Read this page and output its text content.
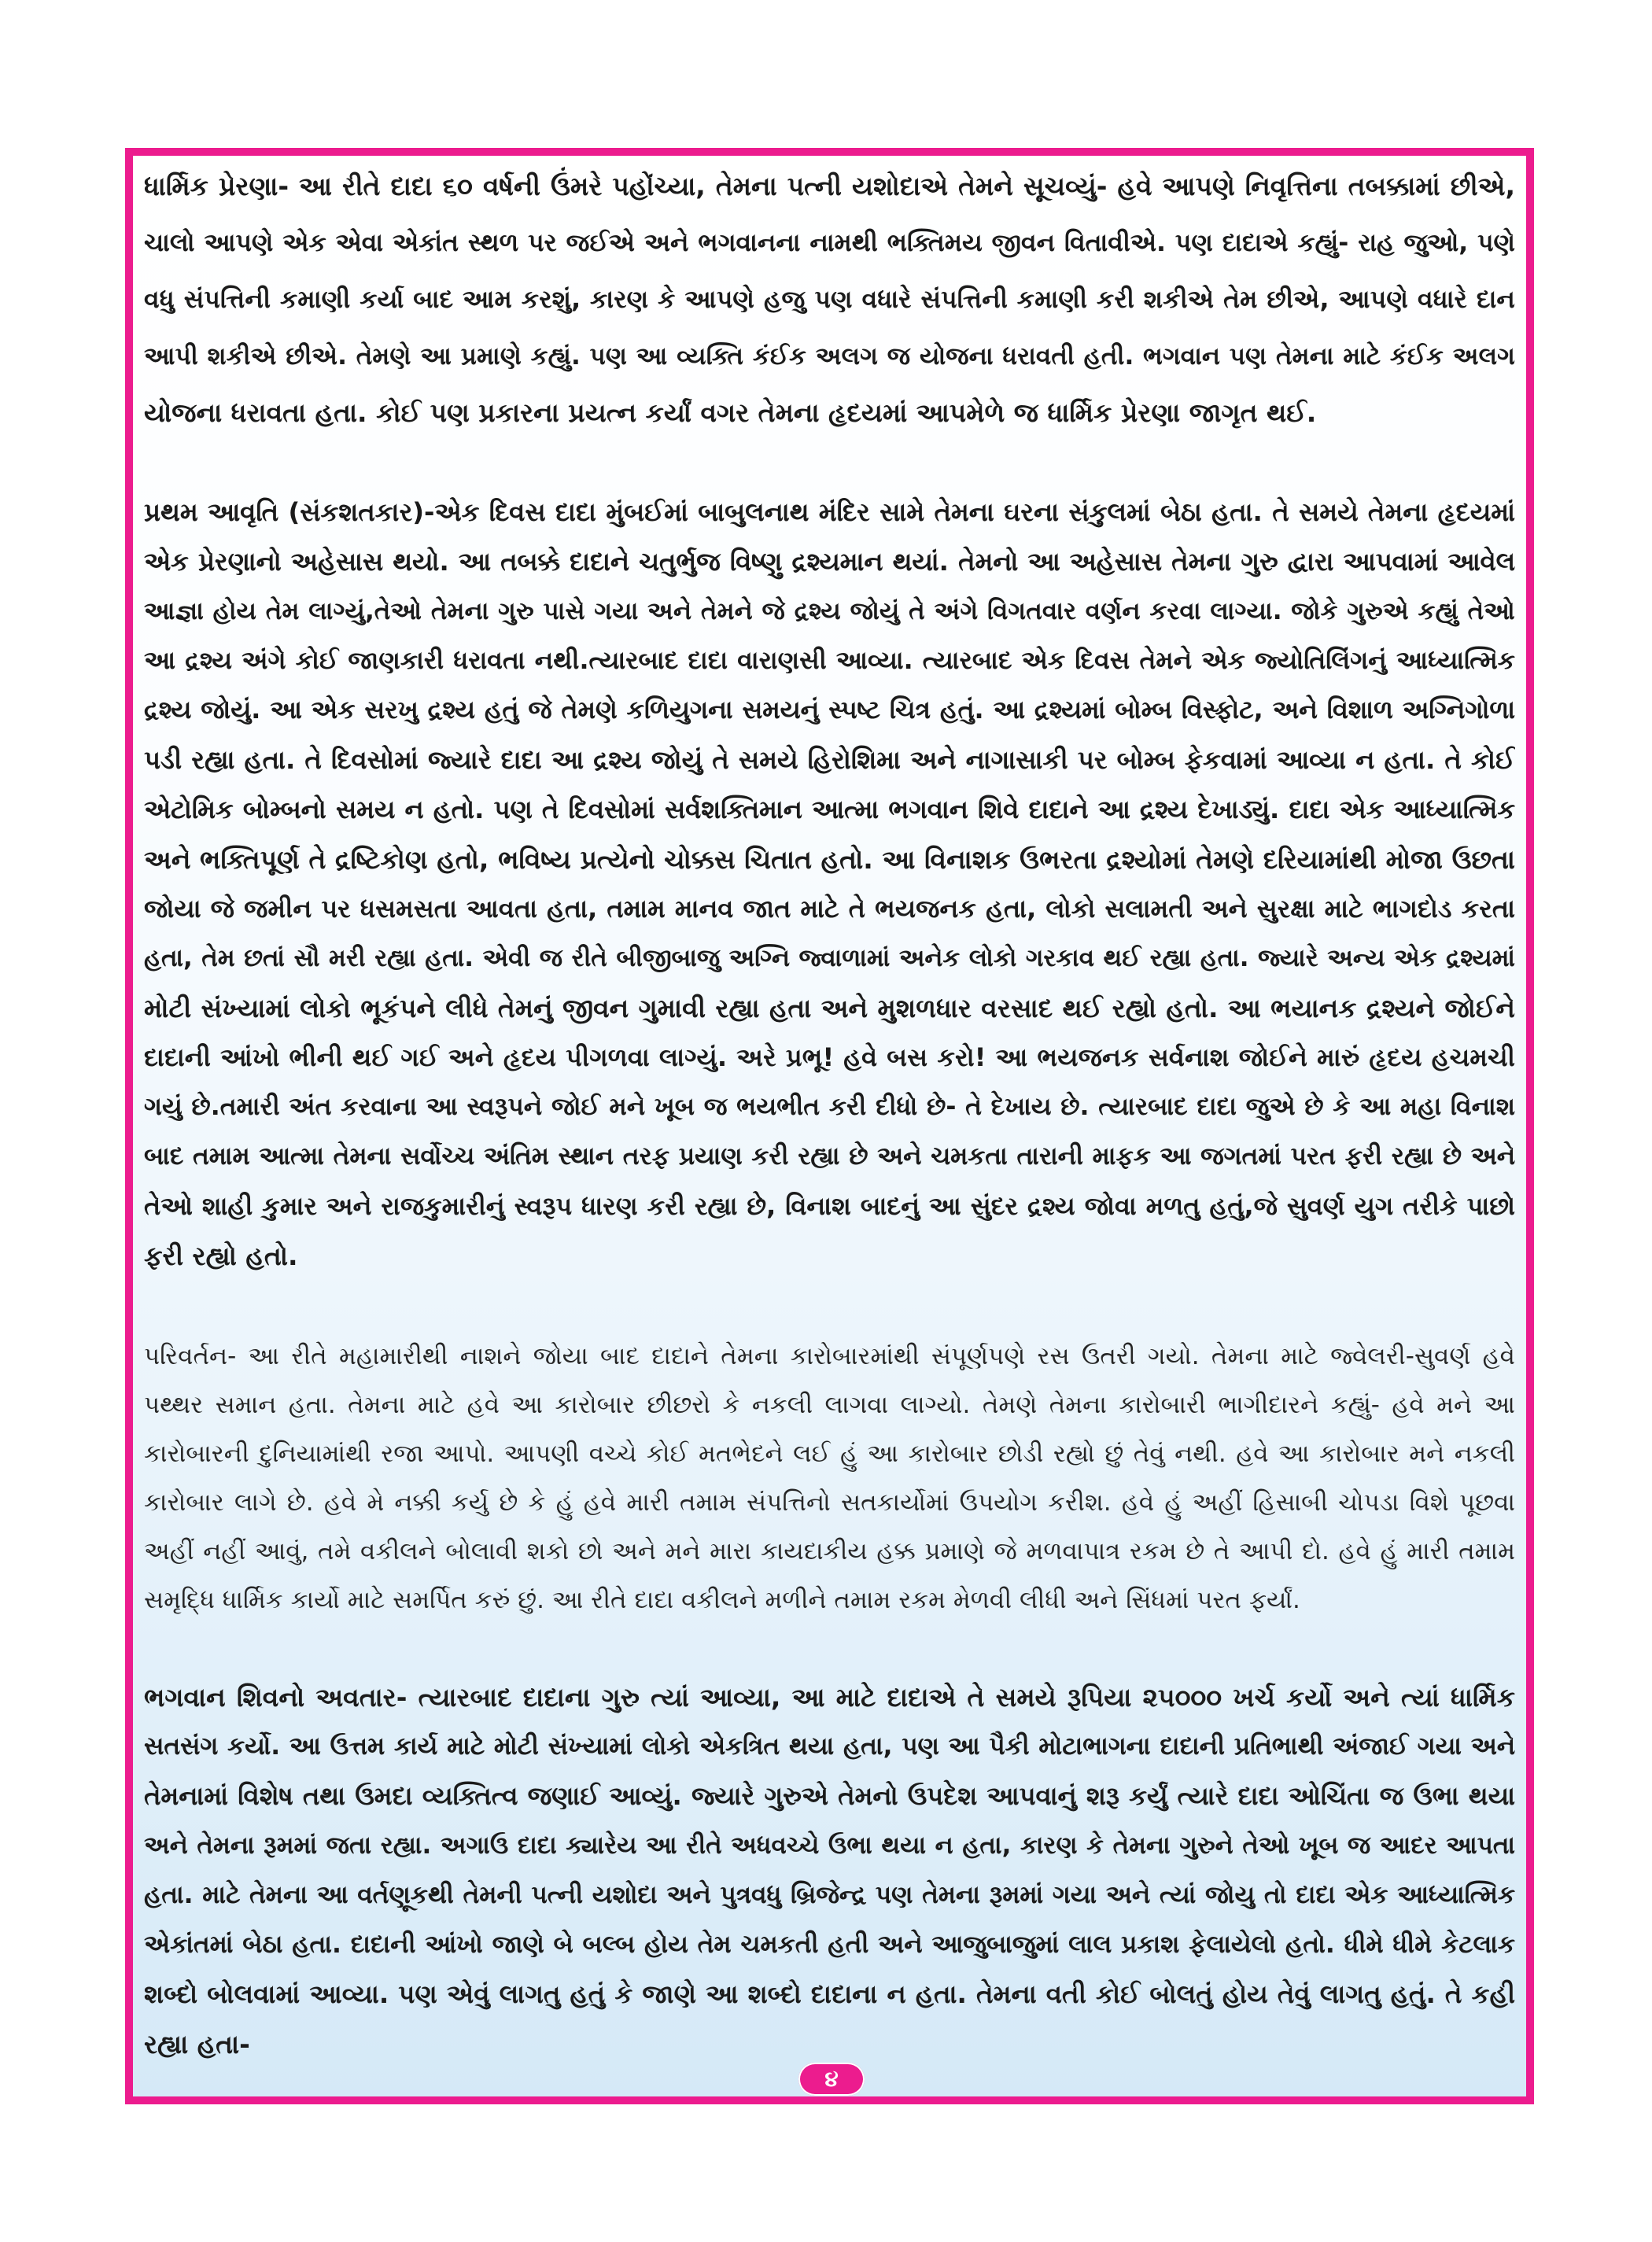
ધાર્મિક પ્રેરણા- આ રીતે દાદા ૬૦ વર્ષની ઉંમરે પહોંચ્યા, તેમના પત્ની યશોદાએ તેમને સૂચવ્યું- હવે આપણે નિવૃત્તિના તબક્કામાં છીએ,
ચાલો આપણે એક એવા એકાંત સ્થળ પર જઈએ અને ભગવાનના નામથી ભક્તિમય જીવન વિતાવીએ. પણ દાદાએ કહ્યું- રાહ જુઓ, પણે
વધુ સંપત્તિની કમાણી કર્યા બાદ આમ કરશું, કારણ કે આપણે હજુ પણ વધારે સંપત્તિની કમાણી કરી શકીએ તેમ છીએ, આપણે વધારે દાન
આપી શકીએ છીએ. તેમણે આ પ્રમાણે કહ્યું. પણ આ વ્યક્તિ કંઈક અલગ જ યોજના ધરાવતી હતી. ભગવાન પણ તેમના માટે કંઈક અલગ
યોજના ધરાવતા હતા. કોઈ પણ પ્રકારના પ્રયત્ન કર્યાં વગર તેમના હૃદયમાં આપમેળે જ ધાર્મિક પ્રેરણા જાગૃત થઈ.
પ્રથમ આવૃતિ (સંકશતકાર)-એક દિવસ દાદા મુંબઈમાં બાબુલનાથ મંદિર સામે તેમના ઘરના સંકુલમાં બેઠા હતા. તે સમયે તેમના હૃદયમાં
એક પ્રેરણાનો અહેસાસ થયો. આ તબક્કે દાદાને ચતુર્ભુજ વિષ્ણુ દ્રશ્યમાન થયાં. તેમનો આ અહેસાસ તેમના ગુરુ દ્વારા આપવામાં આવેલ
આજ્ઞા હોય તેમ લાગ્યું,તેઓ તેમના ગુરુ પાસે ગયા અને તેમને જે દ્રશ્ય જોયું તે અંગે વિગતવાર વર્ણન કરવા લાગ્યા. જોકે ગુરુએ કહ્યું તેઓ
આ દ્રશ્ય અંગે કોઈ જાણકારી ધરાવતા નથી.ત્યારબાદ દાદા વારાણસી આવ્યા. ત્યારબાદ એક દિવસ તેમને એક જ્યોતિલિંગનું આધ્યાત્મિક
દ્રશ્ય જોયું. આ એક સરખુ દ્રશ્ય હતું જે તેમણે કળિયુગના સમયનું સ્પષ્ટ ચિત્ર હતું. આ દ્રશ્યમાં બોમ્બ વિસ્ફોટ, અને વિશાળ અગ્નિગોળા
પડી રહ્યા હતા. તે દિવસોમાં જ્યારે દાદા આ દ્રશ્ય જોયું તે સમયે હિરોશિમા અને નાગાસાકી પર બોમ્બ ફેકવામાં આવ્યા ન હતા. તે કોઈ
એટોમિક બોમ્બનો સમય ન હતો. પણ તે દિવસોમાં સર્વશક્તિમાન આત્મા ભગવાન શિવે દાદાને આ દ્રશ્ય દેખાડ્યું. દાદા એક આધ્યાત્મિક
અને ભક્તિપૂર્ણ તે દ્રષ્ટિકોણ હતો, ભવિષ્ય પ્રત્યેનો ચોક્કસ ચિતાત હતો. આ વિનાશક ઉભરતા દ્રશ્યોમાં તેમણે દરિયામાંથી મોજા ઉછતા
જોયા જે જમીન પર ધસમસતા આવતા હતા, તમામ માનવ જાત માટે તે ભયજનક હતા, લોકો સલામતી અને સુરક્ષા માટે ભાગદોડ કરતા
હતા, તેમ છતાં સૌ મરી રહ્યા હતા. એવી જ રીતે બીજીબાજુ અગ્નિ જ્વાળામાં અનેક લોકો ગરકાવ થઈ રહ્યા હતા. જ્યારે અન્ય એક દ્રશ્યમાં
મોટી સંખ્યામાં લોકો ભૂકંપને લીધે તેમનું જીવન ગુમાવી રહ્યા હતા અને મુશળધાર વરસાદ થઈ રહ્યો હતો. આ ભયાનક દ્રશ્યને જોઈને
દાદાની આંખો ભીની થઈ ગઈ અને હૃદય પીગળવા લાગ્યું. અરે પ્રભૂ! હવે બસ કરો! આ ભયજનક સર્વનાશ જોઈને મારું હૃદય હચમચી
ગયું છે.તમારી અંત કરવાના આ સ્વરૂપને જોઈ મને ખૂબ જ ભયભીત કરી દીધો છે- તે દેખાય છે. ત્યારબાદ દાદા જુએ છે કે આ મહા વિનાશ
બાદ તમામ આત્મા તેમના સર્વોચ્ચ અંતિમ સ્થાન તરફ પ્રયાણ કરી રહ્યા છે અને ચમકતા તારાની માફક આ જગતમાં પરત ફરી રહ્યા છે અને
તેઓ શાહી કુમાર અને રાજકુમારીનું સ્વરૂપ ધારણ કરી રહ્યા છે, વિનાશ બાદનું આ સુંદર દ્રશ્ય જોવા મળતુ હતું,જે સુવર્ણ યુગ તરીકે પાછો
ફરી રહ્યો હતો.
પરિવર્તન- આ રીતે મહામારીથી નાશને જોયા બાદ દાદાને તેમના કારોબારમાંથી સંપૂર્ણપણે રસ ઉતરી ગયો. તેમના માટે જ્વેલરી-સુવર્ણ હવે
પથ્થર સમાન હતા. તેમના માટે હવે આ કારોબાર છીછરો કે નકલી લાગવા લાગ્યો. તેમણે તેમના કારોબારી ભાગીદારને કહ્યું- હવે મને આ
કારોબારની દુનિયામાંથી રજા આપો. આપણી વચ્ચે કોઈ મતભેદને લઈ હું આ કારોબાર છોડી રહ્યો છું તેવું નથી. હવે આ કારોબાર મને નકલી
કારોબાર લાગે છે. હવે મે નક્કી કર્યુ છે કે હું હવે મારી તમામ સંપત્તિનો સતકાર્યોમાં ઉપયોગ કરીશ. હવે હું અહીં હિસાબી ચોપડા વિશે પૂછવા
અહીં નહીં આવું, તમે વકીલને બોલાવી શકો છો અને મને મારા કાયદાકીય હક્ક પ્રમાણે જે મળવાપાત્ર રકમ છે તે આપી દો. હવે હું મારી તમામ
સમૃદ્ધિ ધાર્મિક કાર્યો માટે સમર્પિત કરું છું. આ રીતે દાદા વકીલને મળીને તમામ રકમ મેળવી લીધી અને સિંધમાં પરત ફર્યાં.
ભગવાન શિવનો અવતાર- ત્યારબાદ દાદાના ગુરુ ત્યાં આવ્યા, આ માટે દાદાએ તે સમયે રૂપિયા ૨૫૦૦૦ ખર્ચ કર્યો અને ત્યાં ધાર્મિક
સતસંગ કર્યો. આ ઉત્તમ કાર્ય માટે મોટી સંખ્યામાં લોકો એકત્રિત થયા હતા, પણ આ પૈકી મોટાભાગના દાદાની પ્રતિભાથી અંજાઈ ગયા અને
તેમનામાં વિશેષ તથા ઉમદા વ્યક્તિત્વ જણાઈ આવ્યું. જ્યારે ગુરુએ તેમનો ઉપદેશ આપવાનું શરૂ કર્યું ત્યારે દાદા ઓચિંતા જ ઉભા થયા
અને તેમના રૂમમાં જતા રહ્યા. અગાઉ દાદા ક્યારેય આ રીતે અધવચ્ચે ઉભા થયા ન હતા, કારણ કે તેમના ગુરુને તેઓ ખૂબ જ આદર આપતા
હતા. માટે તેમના આ વર્તણૂકથી તેમની પત્ની યશોદા અને પુત્રવધુ બ્રિજેન્દ્ર પણ તેમના રૂમમાં ગયા અને ત્યાં જોયુ તો દાદા એક આધ્યાત્મિક
એકાંતમાં બેઠા હતા. દાદાની આંખો જાણે બે બલ્બ હોય તેમ ચમકતી હતી અને આજુબાજુમાં લાલ પ્રકાશ ફેલાયેલો હતો. ધીમે ધીમે કેટલાક
શબ્દો બોલવામાં આવ્યા. પણ એવું લાગતુ હતું કે જાણે આ શબ્દો દાદાના ન હતા. તેમના વતી કોઈ બોલતું હોય તેવું લાગતુ હતું. તે કહી
રહ્યા હતા-
૪
